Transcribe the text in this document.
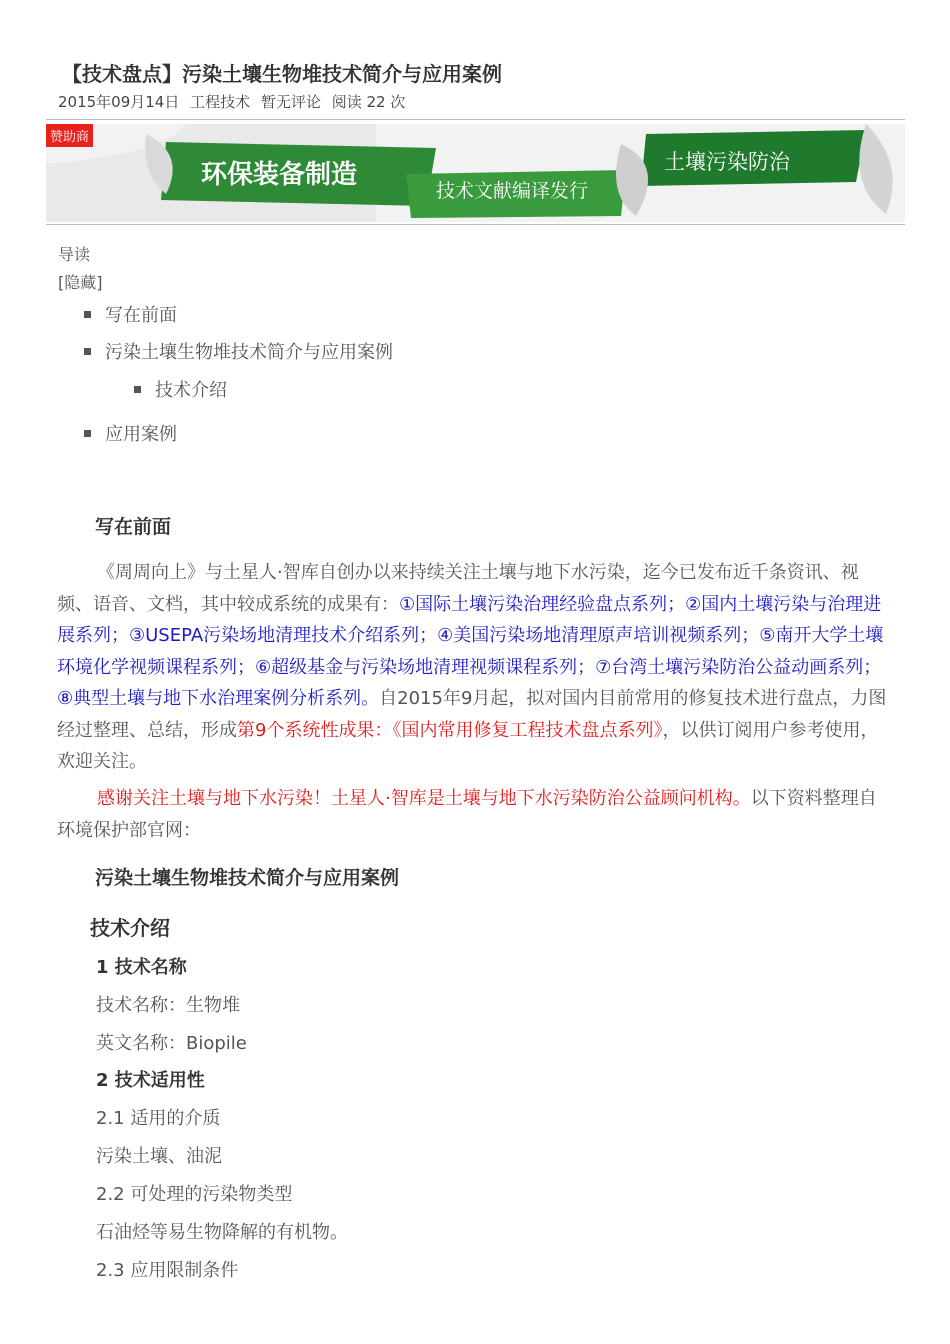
【技术盘点】污染土壤生物堆技术简介与应用案例
2015年09月14日 工程技术 暂无评论 阅读 22 次
环保装备制造
技术文献编译发行
土壤污染防治
赞助商
导读
[隐藏]
写在前面
污染土壤生物堆技术简介与应用案例
技术介绍
应用案例
写在前面
《周周向上》与土星人·智库自创办以来持续关注土壤与地下水污染，迄今已发布近千条资讯、视频、语音、文档，其中较成系统的成果有：①国际土壤污染治理经验盘点系列；②国内土壤污染与治理进展系列；③USEPA污染场地清理技术介绍系列；④美国污染场地清理原声培训视频系列；⑤南开大学土壤环境化学视频课程系列；⑥超级基金与污染场地清理视频课程系列；⑦台湾土壤污染防治公益动画系列；⑧典型土壤与地下水治理案例分析系列。自2015年9月起，拟对国内目前常用的修复技术进行盘点，力图经过整理、总结，形成第9个系统性成果：《国内常用修复工程技术盘点系列》，以供订阅用户参考使用，欢迎关注。
感谢关注土壤与地下水污染！土星人·智库是土壤与地下水污染防治公益顾问机构。以下资料整理自环境保护部官网：
污染土壤生物堆技术简介与应用案例
技术介绍
1 技术名称
技术名称：生物堆
英文名称：Biopile
2 技术适用性
2.1 适用的介质
污染土壤、油泥
2.2 可处理的污染物类型
石油烃等易生物降解的有机物。
2.3 应用限制条件
